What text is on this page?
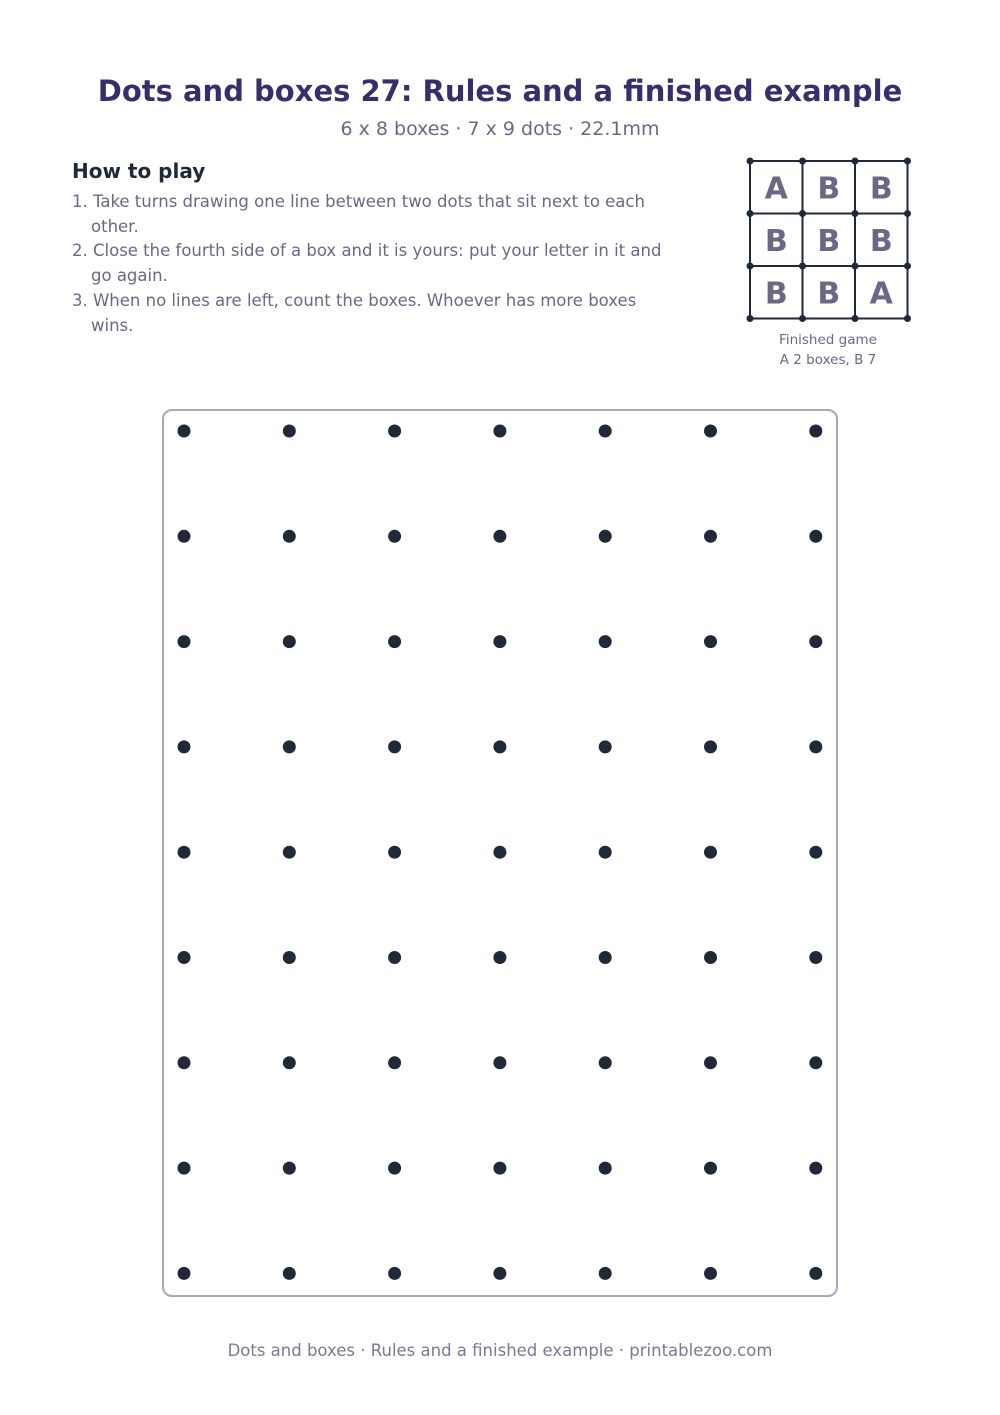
Dots and boxes 27: Rules and a finished example
6 x 8 boxes · 7 x 9 dots · 22.1mm
How to play
1. Take turns drawing one line between two dots that sit next to each other.
2. Close the fourth side of a box and it is yours: put your letter in it and go again.
3. When no lines are left, count the boxes. Whoever has more boxes wins.
A B B
B B B
B B A
Finished game
A 2 boxes, B 7
Dots and boxes · Rules and a finished example · printablezoo.com
